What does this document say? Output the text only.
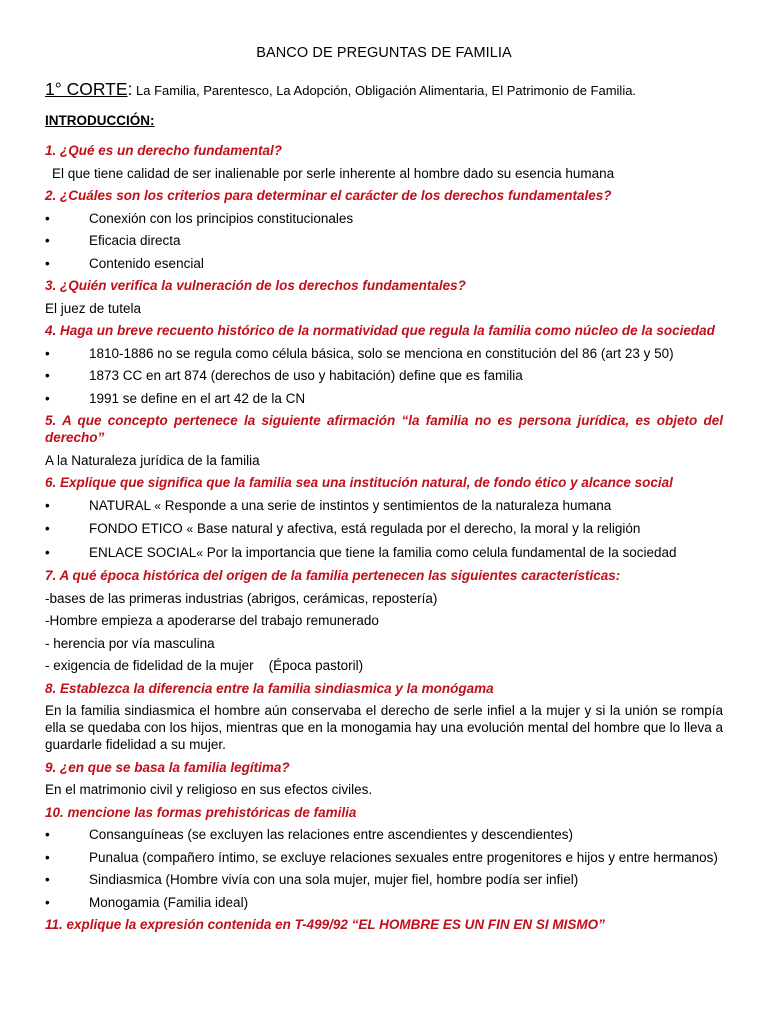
BANCO DE PREGUNTAS DE FAMILIA
1° CORTE: La Familia, Parentesco, La Adopción, Obligación Alimentaria, El Patrimonio de Familia.
INTRODUCCIÓN:
1. ¿Qué es un derecho fundamental?
El que tiene calidad de ser inalienable por serle inherente al hombre dado su esencia humana
2. ¿Cuáles son los criterios para determinar el carácter de los derechos fundamentales?
•	Conexión con los principios constitucionales
•	Eficacia directa
•	Contenido esencial
3. ¿Quién verifica la vulneración de los derechos fundamentales?
El juez de tutela
4. Haga un breve recuento histórico de la normatividad que regula la familia como núcleo de la sociedad
•	1810-1886 no se regula como célula básica, solo se menciona en constitución del 86 (art 23 y 50)
•	1873 CC en art 874 (derechos de uso y habitación) define que es familia
•	1991 se define en el art 42 de la CN
5. A que concepto pertenece la siguiente afirmación “la familia no es persona jurídica, es objeto del derecho”
A la Naturaleza jurídica de la familia
6. Explique que significa que la familia sea una institución natural, de fondo ético y alcance social
•	NATURAL « Responde a una serie de instintos y sentimientos de la naturaleza humana
•	FONDO ETICO « Base natural y afectiva, está regulada por el derecho, la moral y la religión
•	ENLACE SOCIAL« Por la importancia que tiene la familia como celula fundamental de la sociedad
7. A qué época histórica del origen de la familia pertenecen las siguientes características:
-bases de las primeras industrias (abrigos, cerámicas, repostería)
-Hombre empieza a apoderarse del trabajo remunerado
- herencia por vía masculina
- exigencia de fidelidad de la mujer    (Época pastoril)
8. Establezca la diferencia entre la familia sindiasmica y la monógama
En la familia sindiasmica el hombre aún conservaba el derecho de serle infiel a la mujer y si la unión se rompía ella se quedaba con los hijos, mientras que en la monogamia hay una evolución mental del hombre que lo lleva a guardarle fidelidad a su mujer.
9. ¿en que se basa la familia legítima?
En el matrimonio civil y religioso en sus efectos civiles.
10. mencione las formas prehistóricas de familia
•	Consanguíneas (se excluyen las relaciones entre ascendientes y descendientes)
•	Punalua (compañero íntimo, se excluye relaciones sexuales entre progenitores e hijos y entre hermanos)
•	Sindiasmica (Hombre vivía con una sola mujer, mujer fiel, hombre podía ser infiel)
•	Monogamia (Familia ideal)
11. explique la expresión contenida en T-499/92 “EL HOMBRE ES UN FIN EN SI MISMO”
